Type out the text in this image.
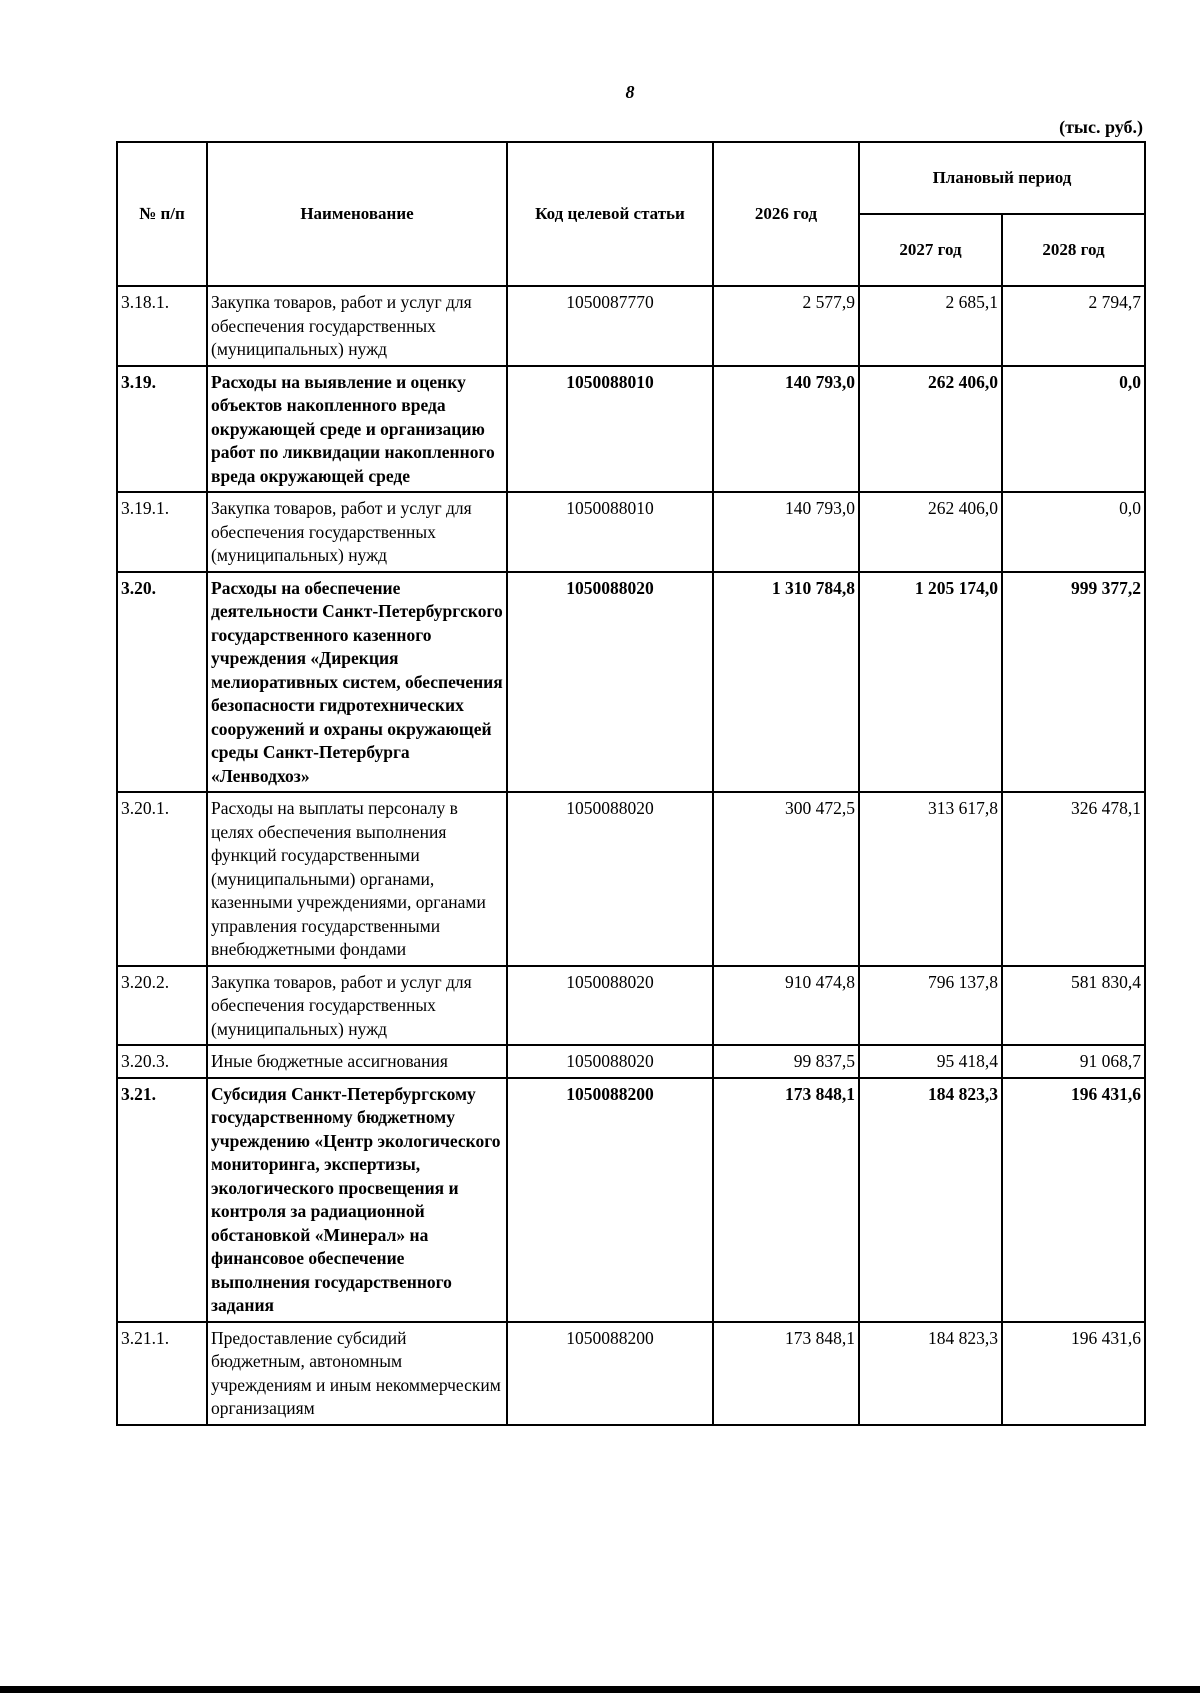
8
(тыс. руб.)
№ п/п	Наименование	Код целевой статьи	2026 год	Плановый период	
				2027 год	2028 год
3.18.1.	Закупка товаров, работ и услуг для обеспечения государственных (муниципальных) нужд	1050087770	2 577,9	2 685,1	2 794,7
3.19.	Расходы на выявление и оценку объектов накопленного вреда окружающей среде и организацию работ по ликвидации накопленного вреда окружающей среде	1050088010	140 793,0	262 406,0	0,0
3.19.1.	Закупка товаров, работ и услуг для обеспечения государственных (муниципальных) нужд	1050088010	140 793,0	262 406,0	0,0
3.20.	Расходы на обеспечение деятельности Санкт-Петербургского государственного казенного учреждения «Дирекция мелиоративных систем, обеспечения безопасности гидротехнических сооружений и охраны окружающей среды Санкт-Петербурга «Ленводхоз»	1050088020	1 310 784,8	1 205 174,0	999 377,2
3.20.1.	Расходы на выплаты персоналу в целях обеспечения выполнения функций государственными (муниципальными) органами, казенными учреждениями, органами управления государственными внебюджетными фондами	1050088020	300 472,5	313 617,8	326 478,1
3.20.2.	Закупка товаров, работ и услуг для обеспечения государственных (муниципальных) нужд	1050088020	910 474,8	796 137,8	581 830,4
3.20.3.	Иные бюджетные ассигнования	1050088020	99 837,5	95 418,4	91 068,7
3.21.	Субсидия Санкт-Петербургскому государственному бюджетному учреждению «Центр экологического мониторинга, экспертизы, экологического просвещения и контроля за радиационной обстановкой «Минерал» на финансовое обеспечение выполнения государственного задания	1050088200	173 848,1	184 823,3	196 431,6
3.21.1.	Предоставление субсидий бюджетным, автономным учреждениям и иным некоммерческим организациям	1050088200	173 848,1	184 823,3	196 431,6
